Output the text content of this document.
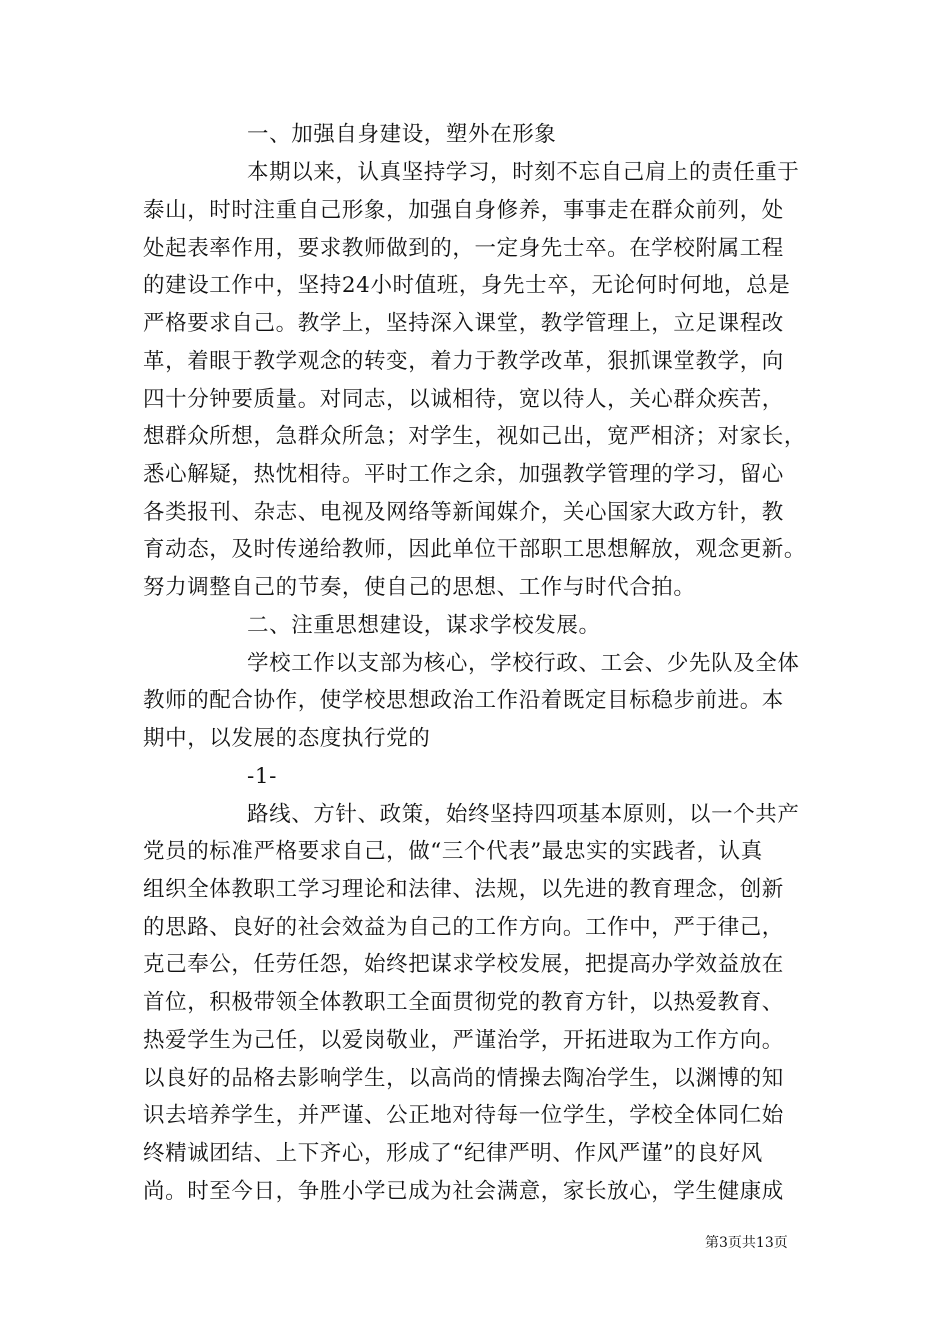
一、加强自身建设，塑外在形象
本期以来，认真坚持学习，时刻不忘自己肩上的责任重于
泰山，时时注重自己形象，加强自身修养，事事走在群众前列，处
处起表率作用，要求教师做到的，一定身先士卒。在学校附属工程
的建设工作中，坚持24小时值班，身先士卒，无论何时何地，总是
严格要求自己。教学上，坚持深入课堂，教学管理上，立足课程改
革，着眼于教学观念的转变，着力于教学改革，狠抓课堂教学，向
四十分钟要质量。对同志，以诚相待，宽以待人，关心群众疾苦，
想群众所想，急群众所急；对学生，视如己出，宽严相济；对家长，
悉心解疑，热忱相待。平时工作之余，加强教学管理的学习，留心
各类报刊、杂志、电视及网络等新闻媒介，关心国家大政方针，教
育动态，及时传递给教师，因此单位干部职工思想解放，观念更新。
努力调整自己的节奏，使自己的思想、工作与时代合拍。
二、注重思想建设，谋求学校发展。
学校工作以支部为核心，学校行政、工会、少先队及全体
教师的配合协作，使学校思想政治工作沿着既定目标稳步前进。本
期中，以发展的态度执行党的
-1-
路线、方针、政策，始终坚持四项基本原则，以一个共产
党员的标准严格要求自己，做“三个代表”最忠实的实践者，认真
组织全体教职工学习理论和法律、法规，以先进的教育理念，创新
的思路、良好的社会效益为自己的工作方向。工作中，严于律己，
克己奉公，任劳任怨，始终把谋求学校发展，把提高办学效益放在
首位，积极带领全体教职工全面贯彻党的教育方针，以热爱教育、
热爱学生为己任，以爱岗敬业，严谨治学，开拓进取为工作方向。
以良好的品格去影响学生，以高尚的情操去陶冶学生，以渊博的知
识去培养学生，并严谨、公正地对待每一位学生，学校全体同仁始
终精诚团结、上下齐心，形成了“纪律严明、作风严谨”的良好风
尚。时至今日，争胜小学已成为社会满意，家长放心，学生健康成
第3页共13页
